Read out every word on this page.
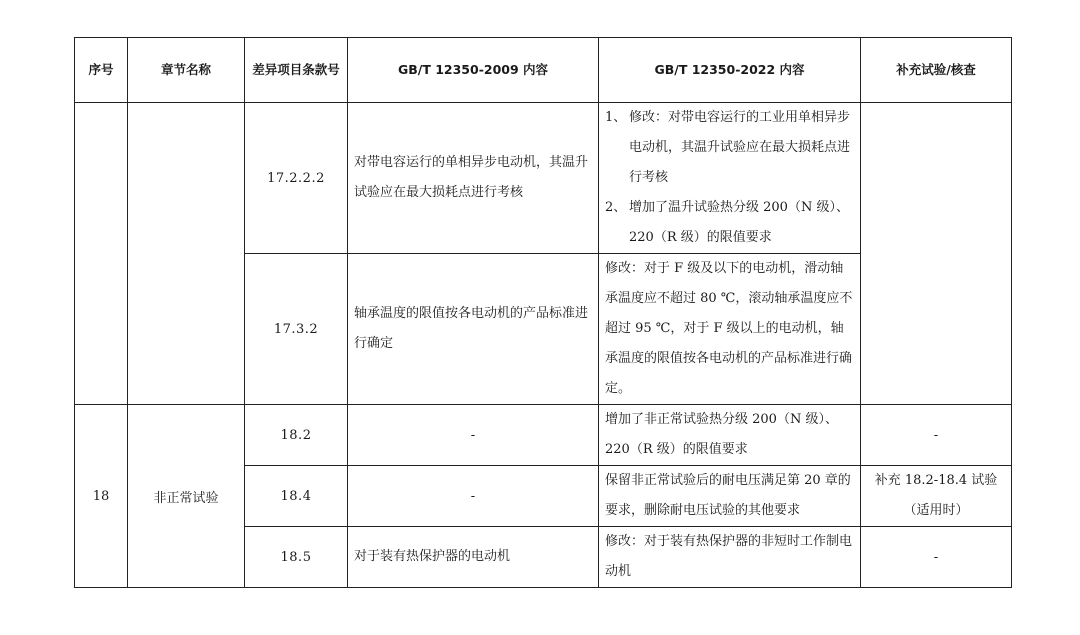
序号	章节名称	差异项目条款号	GB/T 12350-2009 内容	GB/T 12350-2022 内容	补充试验/核查
		17.2.2.2	对带电容运行的单相异步电动机，其温升试验应在最大损耗点进行考核	1、 修改：对带电容运行的工业用单相异步电动机，其温升试验应在最大损耗点进行考核
2、 增加了温升试验热分级 200（N 级）、220（R 级）的限值要求	

		17.3.2	轴承温度的限值按各电动机的产品标准进行确定	修改：对于 F 级及以下的电动机，滑动轴承温度应不超过 80 ℃，滚动轴承温度应不超过 95 ℃，对于 F 级以上的电动机，轴承温度的限值按各电动机的产品标准进行确定。	
18	非正常试验	18.2	-	增加了非正常试验热分级 200（N 级）、220（R 级）的限值要求	-
		18.4	-	保留非正常试验后的耐电压满足第 20 章的要求，删除耐电压试验的其他要求	补充 18.2-18.4 试验（适用时）
		18.5	对于装有热保护器的电动机	修改：对于装有热保护器的非短时工作制电动机	-
